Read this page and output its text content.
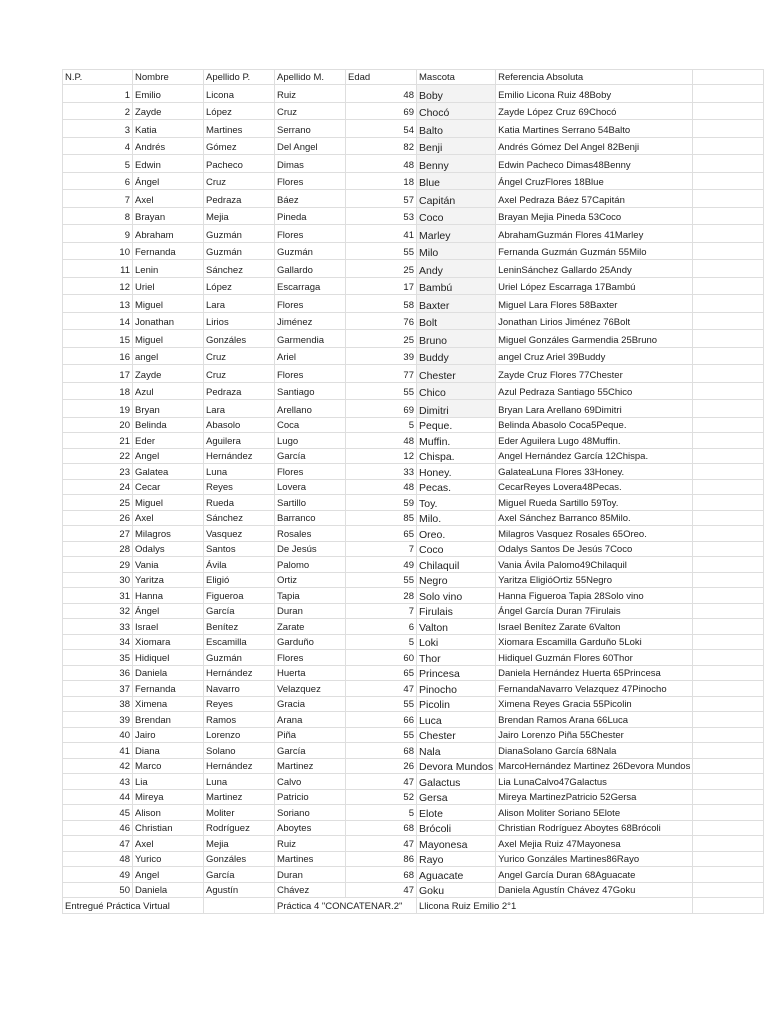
N.P.	Nombre	Apellido P.	Apellido M.	Edad	Mascota	Referencia Absoluta	
1	Emilio	Licona	Ruiz	48	Boby	Emilio Licona Ruiz 48Boby	
2	Zayde	López	Cruz	69	Chocó	Zayde López Cruz 69Chocó	
3	Katia	Martines	Serrano	54	Balto	Katia Martines Serrano 54Balto	
4	Andrés	Gómez	Del Angel	82	Benji	Andrés Gómez Del Angel 82Benji	
5	Edwin	Pacheco	Dimas	48	Benny	Edwin Pacheco Dimas48Benny	
6	Ángel	Cruz	Flores	18	Blue	Ángel CruzFlores 18Blue	
7	Axel	Pedraza	Báez	57	Capitán	Axel Pedraza Báez 57Capitán	
8	Brayan	Mejia	Pineda	53	Coco	Brayan Mejia Pineda 53Coco	
9	Abraham	Guzmán	Flores	41	Marley	AbrahamGuzmán Flores 41Marley	
10	Fernanda	Guzmán	Guzmán	55	Milo	Fernanda Guzmán Guzmán 55Milo	
11	Lenin	Sánchez	Gallardo	25	Andy	LeninSánchez Gallardo 25Andy	
12	Uriel	López	Escarraga	17	Bambú	Uriel López Escarraga 17Bambú	
13	Miguel	Lara	Flores	58	Baxter	Miguel Lara Flores 58Baxter	
14	Jonathan	Lirios	Jiménez	76	Bolt	Jonathan Lirios Jiménez 76Bolt	
15	Miguel	Gonzáles	Garmendia	25	Bruno	Miguel Gonzáles Garmendia 25Bruno	
16	angel	Cruz	Ariel	39	Buddy	angel Cruz Ariel 39Buddy	
17	Zayde	Cruz	Flores	77	Chester	Zayde Cruz Flores 77Chester	
18	Azul	Pedraza	Santiago	55	Chico	Azul Pedraza Santiago 55Chico	
19	Bryan	Lara	Arellano	69	Dimitri	Bryan Lara Arellano 69Dimitri	
20	Belinda	Abasolo	Coca	5	Peque.	Belinda Abasolo Coca5Peque.	
21	Eder	Aguilera	Lugo	48	Muffin.	Eder Aguilera Lugo 48Muffin.	
22	Angel	Hernández	García	12	Chispa.	Angel Hernández García 12Chispa.	
23	Galatea	Luna	Flores	33	Honey.	GalateaLuna Flores 33Honey.	
24	Cecar	Reyes	Lovera	48	Pecas.	CecarReyes Lovera48Pecas.	
25	Miguel	Rueda	Sartillo	59	Toy.	Miguel Rueda Sartillo 59Toy.	
26	Axel	Sánchez	Barranco	85	Milo.	Axel Sánchez Barranco 85Milo.	
27	Milagros	Vasquez	Rosales	65	Oreo.	Milagros Vasquez Rosales 65Oreo.	
28	Odalys	Santos	De Jesús	7	Coco	Odalys Santos De Jesús 7Coco	
29	Vania	Ávila	Palomo	49	Chilaquil	Vania Ávila Palomo49Chilaquil	
30	Yaritza	Eligió	Ortiz	55	Negro	Yaritza EligióOrtiz 55Negro	
31	Hanna	Figueroa	Tapia	28	Solo vino	Hanna Figueroa Tapia 28Solo vino	
32	Ángel	García	Duran	7	Firulais	Ángel García Duran 7Firulais	
33	Israel	Benítez	Zarate	6	Valton	Israel Benítez Zarate 6Valton	
34	Xiomara	Escamilla	Garduño	5	Loki	Xiomara Escamilla Garduño 5Loki	
35	Hidiquel	Guzmán	Flores	60	Thor	Hidiquel Guzmán Flores 60Thor	
36	Daniela	Hernández	Huerta	65	Princesa	Daniela Hernández Huerta 65Princesa	
37	Fernanda	Navarro	Velazquez	47	Pinocho	FernandaNavarro Velazquez 47Pinocho	
38	Ximena	Reyes	Gracia	55	Picolin	Ximena Reyes Gracia 55Picolin	
39	Brendan	Ramos	Arana	66	Luca	Brendan Ramos Arana 66Luca	
40	Jairo	Lorenzo	Piña	55	Chester	Jairo Lorenzo Piña 55Chester	
41	Diana	Solano	García	68	Nala	DianaSolano García 68Nala	
42	Marco	Hernández	Martinez	26	Devora Mundos	MarcoHernández Martinez 26Devora Mundos	
43	Lia	Luna	Calvo	47	Galactus	Lia LunaCalvo47Galactus	
44	Mireya	Martinez	Patricio	52	Gersa	Mireya MartinezPatricio 52Gersa	
45	Alison	Moliter	Soriano	5	Elote	Alison Moliter Soriano 5Elote	
46	Christian	Rodríguez	Aboytes	68	Brócoli	Christian Rodríguez Aboytes 68Brócoli	
47	Axel	Mejia	Ruiz	47	Mayonesa	Axel Mejia Ruiz 47Mayonesa	
48	Yurico	Gonzáles	Martines	86	Rayo	Yurico Gonzáles Martines86Rayo	
49	Angel	García	Duran	68	Aguacate	Angel García Duran 68Aguacate	
50	Daniela	Agustín	Chávez	47	Goku	Daniela Agustín Chávez 47Goku	
Entregué Práctica Virtual			Práctica 4 "CONCATENAR.2"		Llicona Ruiz Emilio 2°1		
